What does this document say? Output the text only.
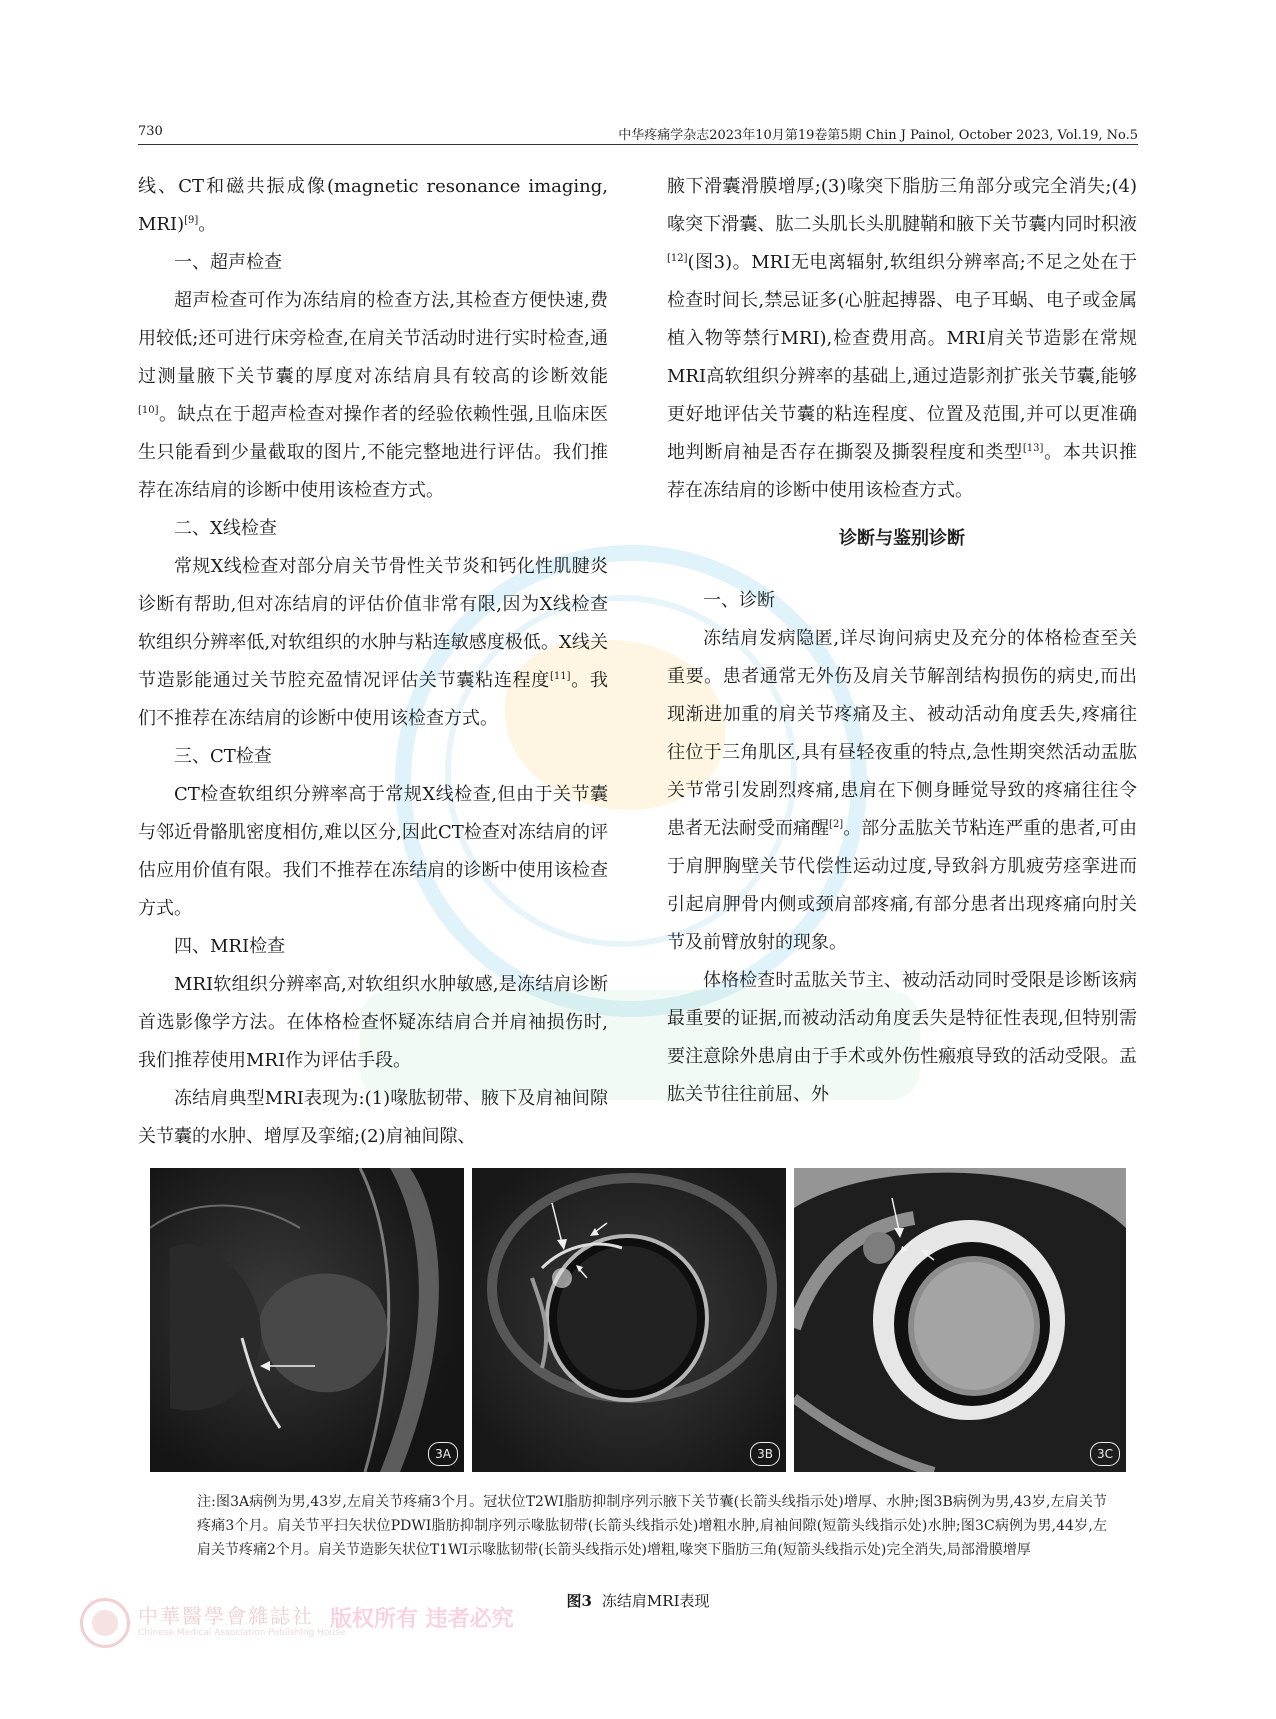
730	中华疼痛学杂志2023年10月第19卷第5期 Chin J Painol, October 2023, Vol.19, No.5

线、CT和磁共振成像(magnetic resonance imaging, MRI)[9]。

一、超声检查

超声检查可作为冻结肩的检查方法,其检查方便快速,费用较低;还可进行床旁检查,在肩关节活动时进行实时检查,通过测量腋下关节囊的厚度对冻结肩具有较高的诊断效能[10]。缺点在于超声检查对操作者的经验依赖性强,且临床医生只能看到少量截取的图片,不能完整地进行评估。我们推荐在冻结肩的诊断中使用该检查方式。

二、X线检查

常规X线检查对部分肩关节骨性关节炎和钙化性肌腱炎诊断有帮助,但对冻结肩的评估价值非常有限,因为X线检查软组织分辨率低,对软组织的水肿与粘连敏感度极低。X线关节造影能通过关节腔充盈情况评估关节囊粘连程度[11]。我们不推荐在冻结肩的诊断中使用该检查方式。

三、CT检查

CT检查软组织分辨率高于常规X线检查,但由于关节囊与邻近骨骼肌密度相仿,难以区分,因此CT检查对冻结肩的评估应用价值有限。我们不推荐在冻结肩的诊断中使用该检查方式。

四、MRI检查

MRI软组织分辨率高,对软组织水肿敏感,是冻结肩诊断首选影像学方法。在体格检查怀疑冻结肩合并肩袖损伤时,我们推荐使用MRI作为评估手段。

冻结肩典型MRI表现为:(1)喙肱韧带、腋下及肩袖间隙关节囊的水肿、增厚及挛缩;(2)肩袖间隙、

腋下滑囊滑膜增厚;(3)喙突下脂肪三角部分或完全消失;(4)喙突下滑囊、肱二头肌长头肌腱鞘和腋下关节囊内同时积液[12](图3)。MRI无电离辐射,软组织分辨率高;不足之处在于检查时间长,禁忌证多(心脏起搏器、电子耳蜗、电子或金属植入物等禁行MRI),检查费用高。MRI肩关节造影在常规MRI高软组织分辨率的基础上,通过造影剂扩张关节囊,能够更好地评估关节囊的粘连程度、位置及范围,并可以更准确地判断肩袖是否存在撕裂及撕裂程度和类型[13]。本共识推荐在冻结肩的诊断中使用该检查方式。

诊断与鉴别诊断
一、诊断

冻结肩发病隐匿,详尽询问病史及充分的体格检查至关重要。患者通常无外伤及肩关节解剖结构损伤的病史,而出现渐进加重的肩关节疼痛及主、被动活动角度丢失,疼痛往往位于三角肌区,具有昼轻夜重的特点,急性期突然活动盂肱关节常引发剧烈疼痛,患肩在下侧身睡觉导致的疼痛往往令患者无法耐受而痛醒[2]。部分盂肱关节粘连严重的患者,可由于肩胛胸壁关节代偿性运动过度,导致斜方肌疲劳痉挛进而引起肩胛骨内侧或颈肩部疼痛,有部分患者出现疼痛向肘关节及前臂放射的现象。

体格检查时盂肱关节主、被动活动同时受限是诊断该病最重要的证据,而被动活动角度丢失是特征性表现,但特别需要注意除外患肩由于手术或外伤性瘢痕导致的活动受限。盂肱关节往往前屈、外

3A	3B	3C
注:图3A病例为男,43岁,左肩关节疼痛3个月。冠状位T2WI脂肪抑制序列示腋下关节囊(长箭头线指示处)增厚、水肿;图3B病例为男,43岁,左肩关节疼痛3个月。肩关节平扫矢状位PDWI脂肪抑制序列示喙肱韧带(长箭头线指示处)增粗水肿,肩袖间隙(短箭头线指示处)水肿;图3C病例为男,44岁,左肩关节疼痛2个月。肩关节造影矢状位T1WI示喙肱韧带(长箭头线指示处)增粗,喙突下脂肪三角(短箭头线指示处)完全消失,局部滑膜增厚
图3 冻结肩MRI表现
中華醫學會雜誌社
Chinese Medical Association Publishing House
版权所有 违者必究
